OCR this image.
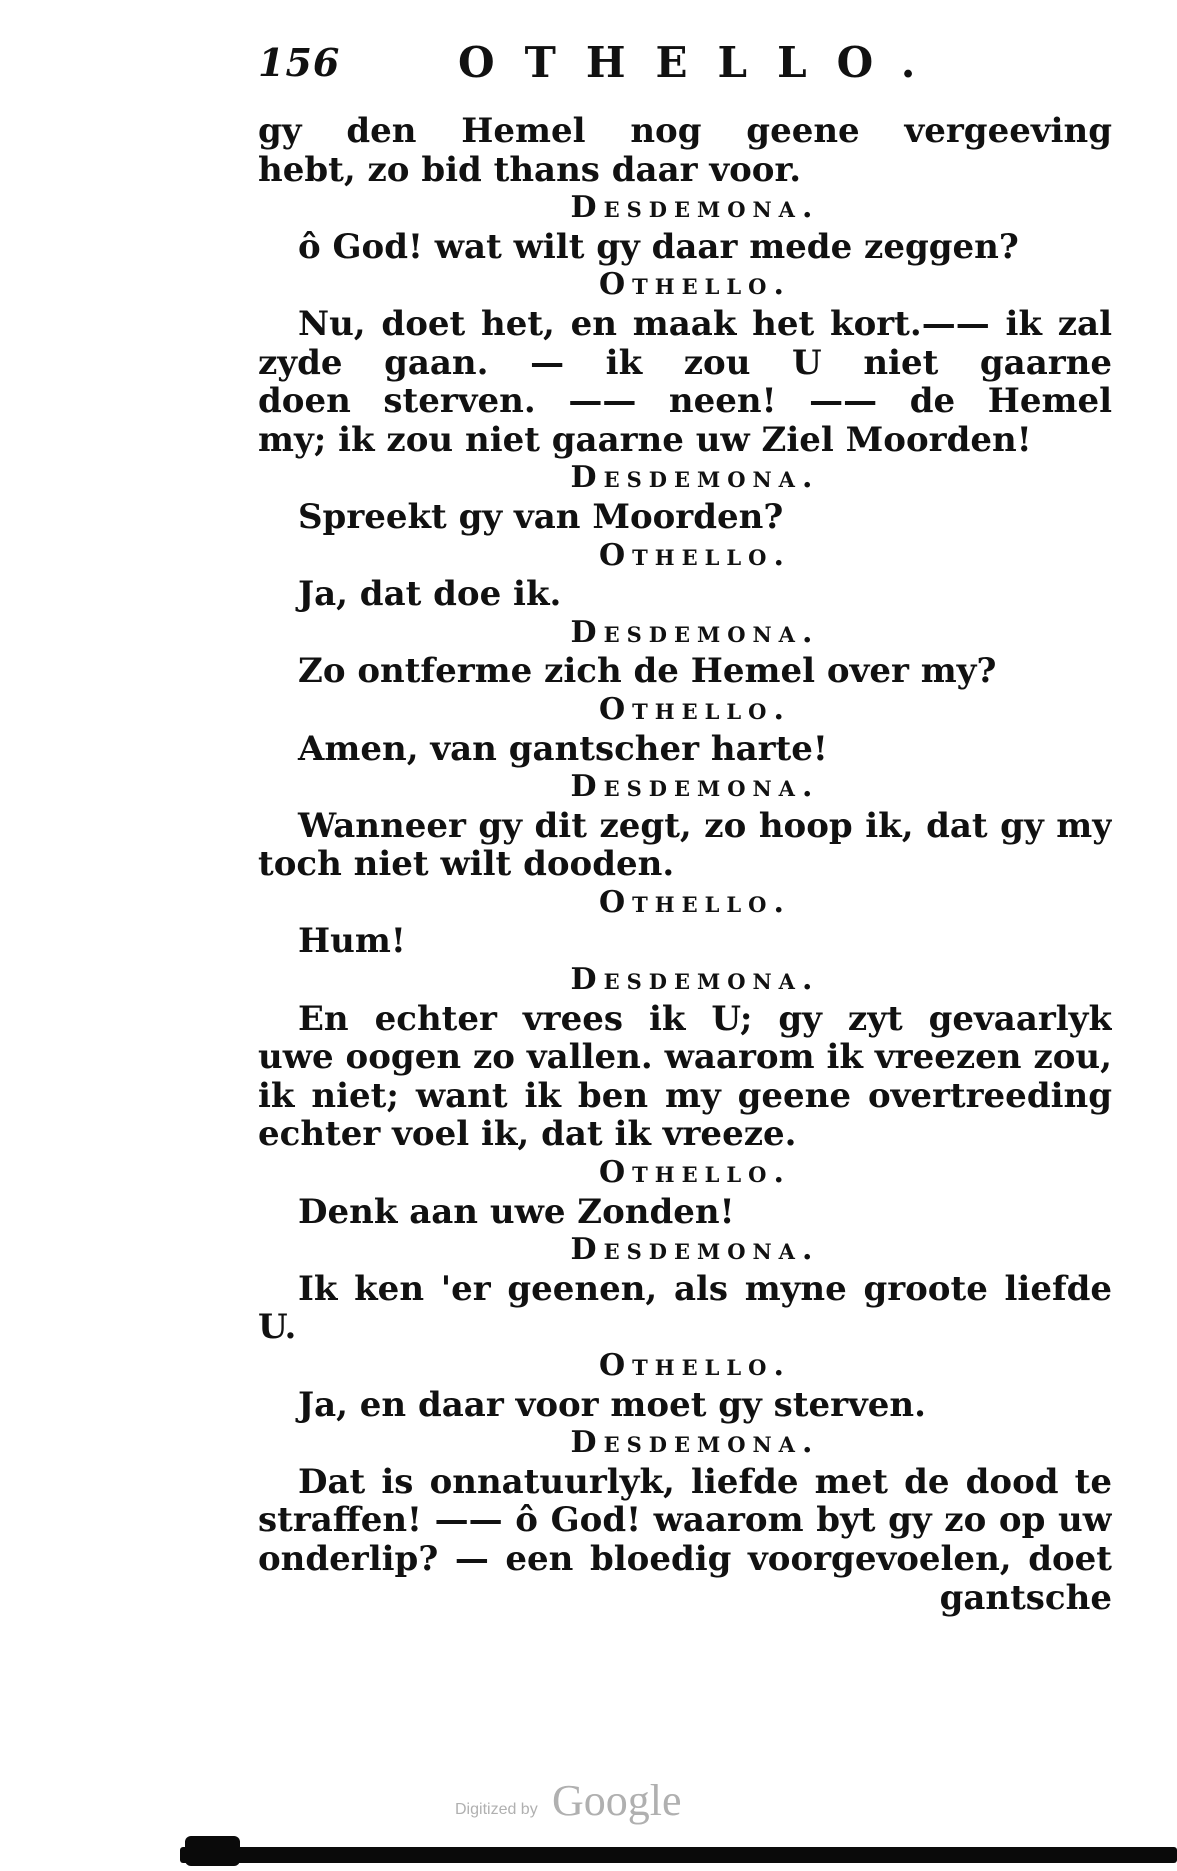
156	OTHELLO.
gy den Hemel nog geene vergeeving
hebt, zo bid thans daar voor.
Desdemona.
ô God! wat wilt gy daar mede zeggen?
Othello.
Nu, doet het, en maak het kort.—— ik zal
zyde gaan. — ik zou U niet gaarne
doen sterven. —— neen! —— de Hemel
my; ik zou niet gaarne uw Ziel Moorden!
Desdemona.
Spreekt gy van Moorden?
Othello.
Ja, dat doe ik.
Desdemona.
Zo ontferme zich de Hemel over my?
Othello.
Amen, van gantscher harte!
Desdemona.
Wanneer gy dit zegt, zo hoop ik, dat gy my
toch niet wilt dooden.
Othello.
Hum!
Desdemona.
En echter vrees ik U; gy zyt gevaarlyk
uwe oogen zo vallen. waarom ik vreezen zou,
ik niet; want ik ben my geene overtreeding
echter voel ik, dat ik vreeze.
Othello.
Denk aan uwe Zonden!
Desdemona.
Ik ken 'er geenen, als myne groote liefde
U.
Othello.
Ja, en daar voor moet gy sterven.
Desdemona.
Dat is onnatuurlyk, liefde met de dood te
straffen! —— ô God! waarom byt gy zo op uw
onderlip? — een bloedig voorgevoelen, doet
gantsche
Digitized by Google
